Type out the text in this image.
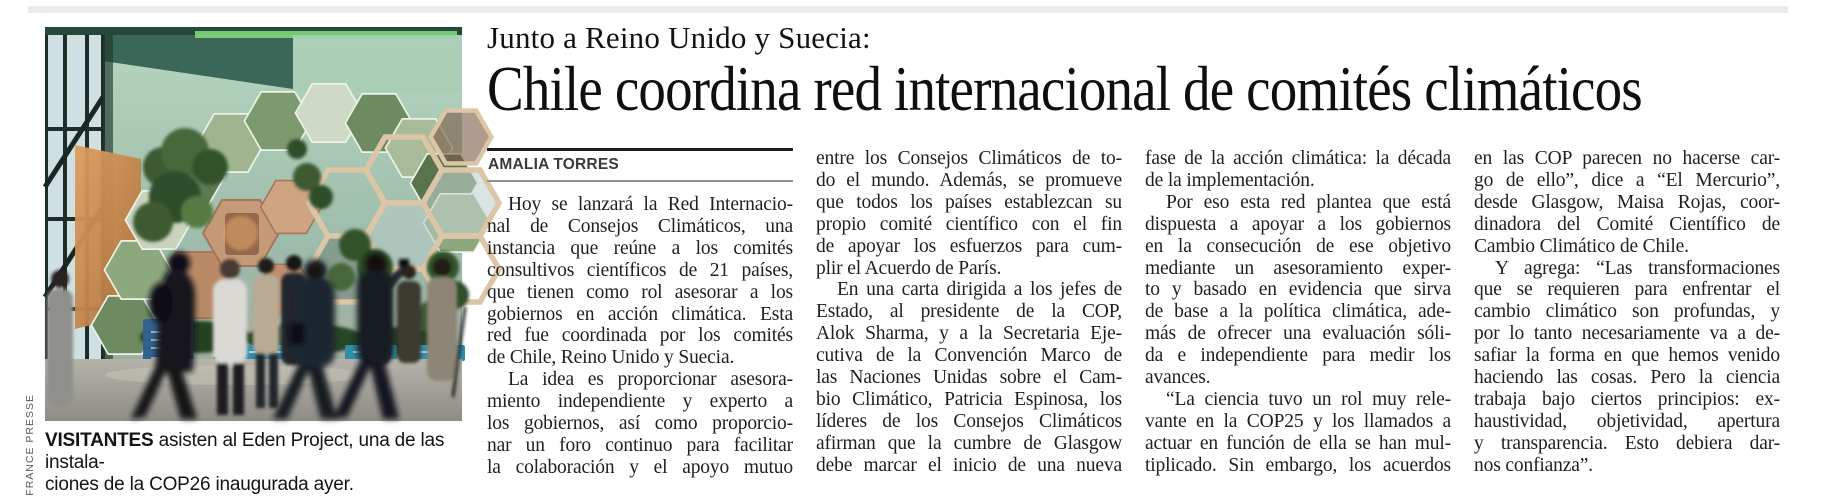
FRANCE PRESSE VISITANTES asisten al Eden Project, una de las instala-
ciones de la COP26 inaugurada ayer.
Junto a Reino Unido y Suecia:
Chile coordina red internacional de comités climáticos
AMALIA TORRES
Hoy se lanzará la Red Internacio-
nal de Consejos Climáticos, una
instancia que reúne a los comités
consultivos científicos de 21 países,
que tienen como rol asesorar a los
gobiernos en acción climática. Esta
red fue coordinada por los comités
de Chile, Reino Unido y Suecia.
La idea es proporcionar asesora-
miento independiente y experto a
los gobiernos, así como proporcio-
nar un foro continuo para facilitar
la colaboración y el apoyo mutuo
entre los Consejos Climáticos de to-
do el mundo. Además, se promueve
que todos los países establezcan su
propio comité científico con el fin
de apoyar los esfuerzos para cum-
plir el Acuerdo de París.
En una carta dirigida a los jefes de
Estado, al presidente de la COP,
Alok Sharma, y a la Secretaria Eje-
cutiva de la Convención Marco de
las Naciones Unidas sobre el Cam-
bio Climático, Patricia Espinosa, los
líderes de los Consejos Climáticos
afirman que la cumbre de Glasgow
debe marcar el inicio de una nueva
fase de la acción climática: la década
de la implementación.
Por eso esta red plantea que está
dispuesta a apoyar a los gobiernos
en la consecución de ese objetivo
mediante un asesoramiento exper-
to y basado en evidencia que sirva
de base a la política climática, ade-
más de ofrecer una evaluación sóli-
da e independiente para medir los
avances.
“La ciencia tuvo un rol muy rele-
vante en la COP25 y los llamados a
actuar en función de ella se han mul-
tiplicado. Sin embargo, los acuerdos
en las COP parecen no hacerse car-
go de ello”, dice a “El Mercurio”,
desde Glasgow, Maisa Rojas, coor-
dinadora del Comité Científico de
Cambio Climático de Chile.
Y agrega: “Las transformaciones
que se requieren para enfrentar el
cambio climático son profundas, y
por lo tanto necesariamente va a de-
safiar la forma en que hemos venido
haciendo las cosas. Pero la ciencia
trabaja bajo ciertos principios: ex-
haustividad, objetividad, apertura
y transparencia. Esto debiera dar-
nos confianza”.
